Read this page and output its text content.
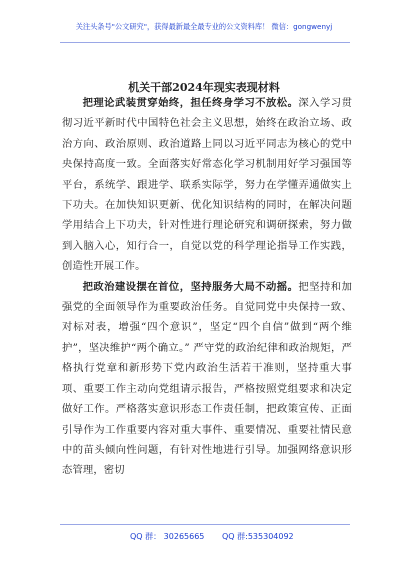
关注头条号"公文研究"，获得最新最全最专业的公文资料库！ 微信：gongwenyj
机关干部2024年现实表现材料

把理论武装贯穿始终，担任终身学习不放松。深入学习贯彻习近平新时代中国特色社会主义思想，始终在政治立场、政治方向、政治原则、政治道路上同以习近平同志为核心的党中央保持高度一致。全面落实好常态化学习机制用好学习强国等平台，系统学、跟进学、联系实际学，努力在学懂弄通做实上下功夫。在加快知识更新、优化知识结构的同时，在解决问题学用结合上下功夫，针对性进行理论研究和调研探索，努力做到入脑入心，知行合一，自觉以党的科学理论指导工作实践，创造性开展工作。

把政治建设摆在首位，坚持服务大局不动摇。把坚持和加强党的全面领导作为重要政治任务。自觉同党中央保持一致、对标对表，增强“四个意识”，坚定“四个自信”做到“两个维护”，坚决维护“两个确立。” 严守党的政治纪律和政治规矩，严格执行党章和新形势下党内政治生活若干准则，坚持重大事项、重要工作主动向党组请示报告，严格按照党组要求和决定做好工作。严格落实意识形态工作责任制，把政策宣传、正面引导作为工作重要内容对重大事件、重要情况、重要社情民意中的苗头倾向性问题，有针对性地进行引导。加强网络意识形态管理，密切

QQ 群： 30265665 QQ 群:535304092
